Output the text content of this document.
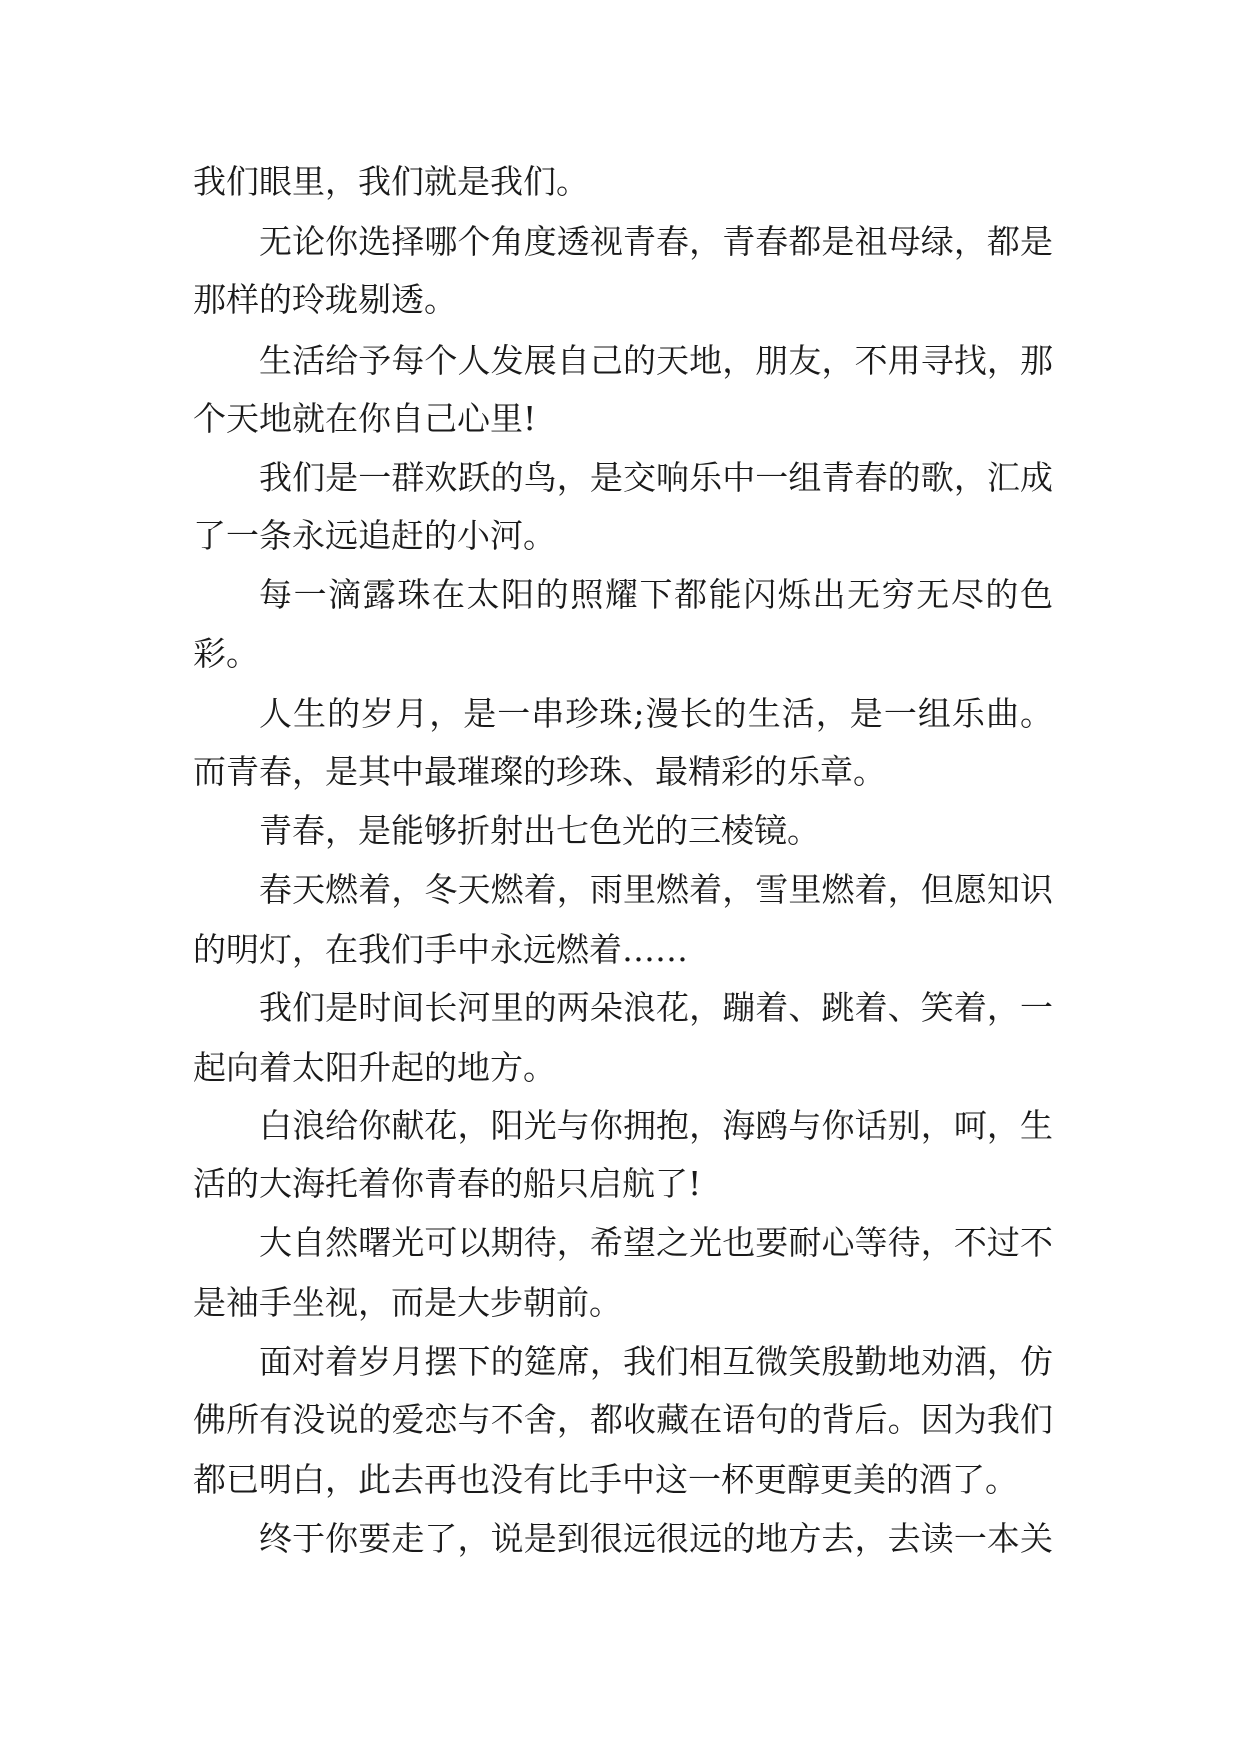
我们眼里，我们就是我们。
无论你选择哪个角度透视青春，青春都是祖母绿，都是
那样的玲珑剔透。
生活给予每个人发展自己的天地，朋友，不用寻找，那
个天地就在你自己心里!
我们是一群欢跃的鸟，是交响乐中一组青春的歌，汇成
了一条永远追赶的小河。
每一滴露珠在太阳的照耀下都能闪烁出无穷无尽的色
彩。
人生的岁月，是一串珍珠;漫长的生活，是一组乐曲。
而青春，是其中最璀璨的珍珠、最精彩的乐章。
青春，是能够折射出七色光的三棱镜。
春天燃着，冬天燃着，雨里燃着，雪里燃着，但愿知识
的明灯，在我们手中永远燃着……
我们是时间长河里的两朵浪花，蹦着、跳着、笑着，一
起向着太阳升起的地方。
白浪给你献花，阳光与你拥抱，海鸥与你话别，呵，生
活的大海托着你青春的船只启航了!
大自然曙光可以期待，希望之光也要耐心等待，不过不
是袖手坐视，而是大步朝前。
面对着岁月摆下的筵席，我们相互微笑殷勤地劝酒，仿
佛所有没说的爱恋与不舍，都收藏在语句的背后。因为我们
都已明白，此去再也没有比手中这一杯更醇更美的酒了。
终于你要走了，说是到很远很远的地方去，去读一本关
